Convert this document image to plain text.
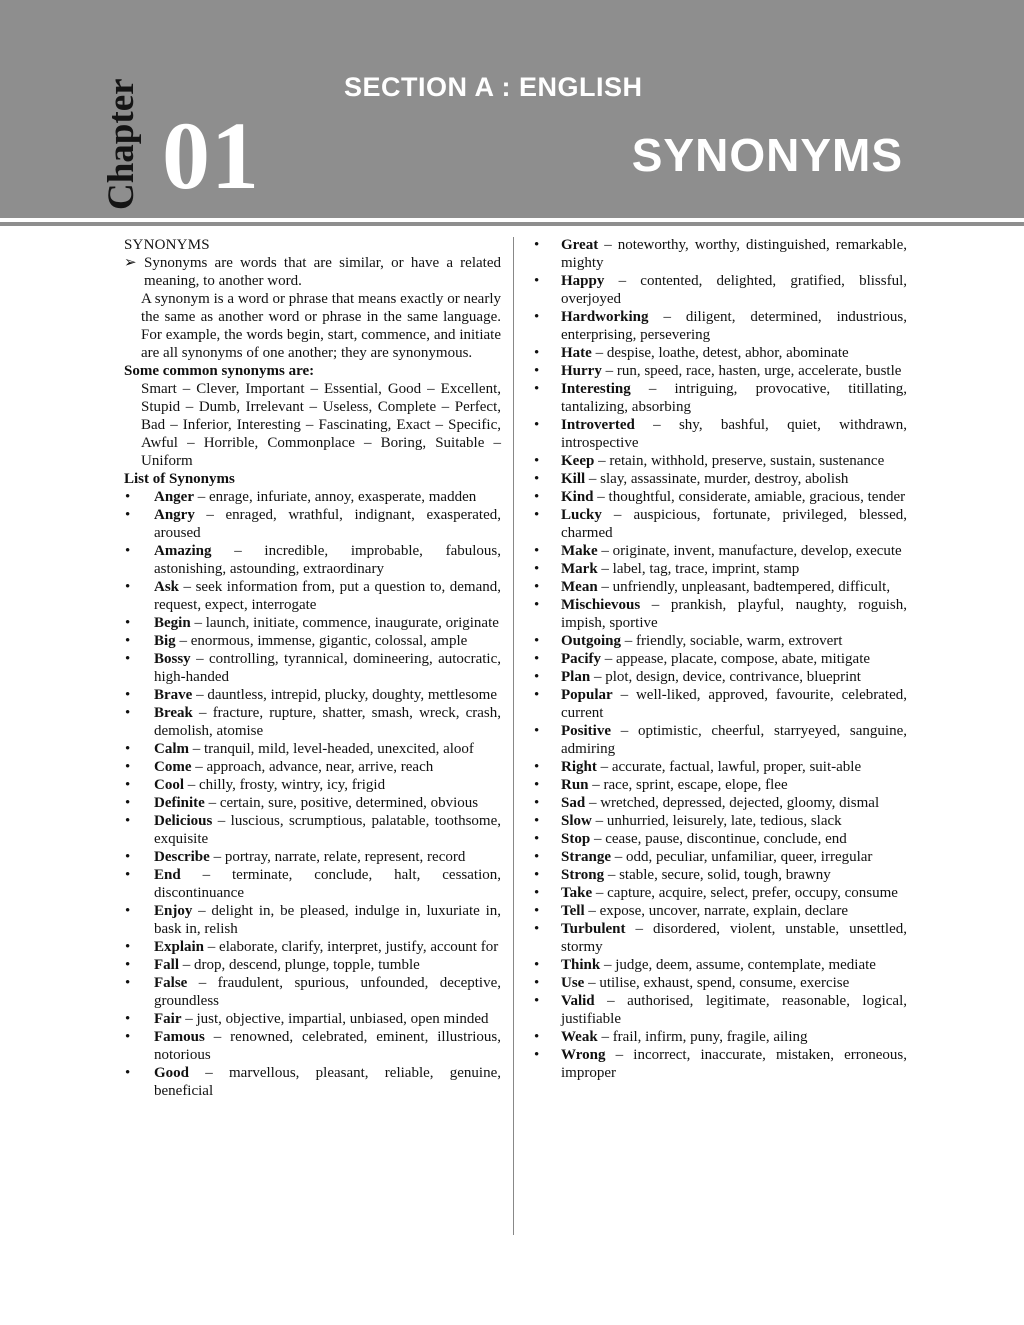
Chapter 01
SECTION A : ENGLISH
SYNONYMS
SYNONYMS
➢ Synonyms are words that are similar, or have a related meaning, to another word.
A synonym is a word or phrase that means exactly or nearly the same as another word or phrase in the same language. For example, the words begin, start, commence, and initiate are all synonyms of one another; they are synonymous.
Some common synonyms are:
Smart – Clever, Important – Essential, Good – Excellent, Stupid – Dumb, Irrelevant – Useless, Complete – Perfect, Bad – Inferior, Interesting – Fascinating, Exact – Specific, Awful – Horrible, Commonplace – Boring, Suitable – Uniform
List of Synonyms
• Anger – enrage, infuriate, annoy, exasperate, madden
• Angry – enraged, wrathful, indignant, exasperated, aroused
• Amazing – incredible, improbable, fabulous, astonishing, astounding, extraordinary
• Ask – seek information from, put a question to, demand, request, expect, interrogate
• Begin – launch, initiate, commence, inaugurate, originate
• Big – enormous, immense, gigantic, colossal, ample
• Bossy – controlling, tyrannical, domineering, autocratic, high-handed
• Brave – dauntless, intrepid, plucky, doughty, mettlesome
• Break – fracture, rupture, shatter, smash, wreck, crash, demolish, atomise
• Calm – tranquil, mild, level-headed, unexcited, aloof
• Come – approach, advance, near, arrive, reach
• Cool – chilly, frosty, wintry, icy, frigid
• Definite – certain, sure, positive, determined, obvious
• Delicious – luscious, scrumptious, palatable, toothsome, exquisite
• Describe – portray, narrate, relate, represent, record
• End – terminate, conclude, halt, cessation, discontinuance
• Enjoy – delight in, be pleased, indulge in, luxuriate in, bask in, relish
• Explain – elaborate, clarify, interpret, justify, account for
• Fall – drop, descend, plunge, topple, tumble
• False – fraudulent, spurious, unfounded, deceptive, groundless
• Fair – just, objective, impartial, unbiased, open minded
• Famous – renowned, celebrated, eminent, illustrious, notorious
• Good – marvellous, pleasant, reliable, genuine, beneficial
• Great – noteworthy, worthy, distinguished, remarkable, mighty
• Happy – contented, delighted, gratified, blissful, overjoyed
• Hardworking – diligent, determined, industrious, enterprising, persevering
• Hate – despise, loathe, detest, abhor, abominate
• Hurry – run, speed, race, hasten, urge, accelerate, bustle
• Interesting – intriguing, provocative, titillating, tantalizing, absorbing
• Introverted – shy, bashful, quiet, withdrawn, introspective
• Keep – retain, withhold, preserve, sustain, sustenance
• Kill – slay, assassinate, murder, destroy, abolish
• Kind – thoughtful, considerate, amiable, gracious, tender
• Lucky – auspicious, fortunate, privileged, blessed, charmed
• Make – originate, invent, manufacture, develop, execute
• Mark – label, tag, trace, imprint, stamp
• Mean – unfriendly, unpleasant, badtempered, difficult,
• Mischievous – prankish, playful, naughty, roguish, impish, sportive
• Outgoing – friendly, sociable, warm, extrovert
• Pacify – appease, placate, compose, abate, mitigate
• Plan – plot, design, device, contrivance, blueprint
• Popular – well-liked, approved, favourite, celebrated, current
• Positive – optimistic, cheerful, starryeyed, sanguine, admiring
• Right – accurate, factual, lawful, proper, suit-able
• Run – race, sprint, escape, elope, flee
• Sad – wretched, depressed, dejected, gloomy, dismal
• Slow – unhurried, leisurely, late, tedious, slack
• Stop – cease, pause, discontinue, conclude, end
• Strange – odd, peculiar, unfamiliar, queer, irregular
• Strong – stable, secure, solid, tough, brawny
• Take – capture, acquire, select, prefer, occupy, consume
• Tell – expose, uncover, narrate, explain, declare
• Turbulent – disordered, violent, unstable, unsettled, stormy
• Think – judge, deem, assume, contemplate, mediate
• Use – utilise, exhaust, spend, consume, exercise
• Valid – authorised, legitimate, reasonable, logical, justifiable
• Weak – frail, infirm, puny, fragile, ailing
• Wrong – incorrect, inaccurate, mistaken, erroneous, improper
